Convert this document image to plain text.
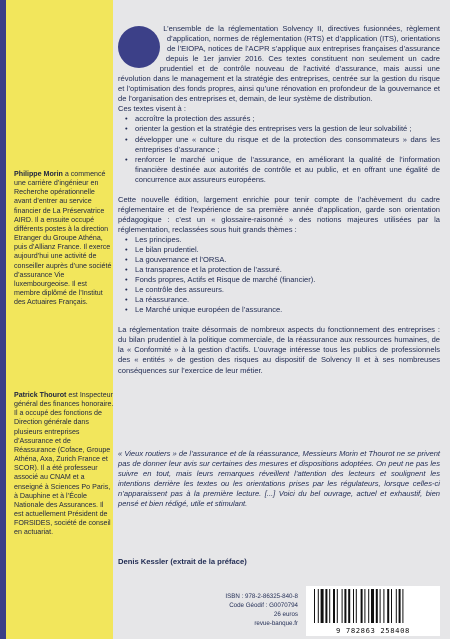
Philippe Morin a commencé une carrière d’ingénieur en Recherche opérationnelle avant d’entrer au service financier de La Préservatrice AIRD. Il a ensuite occupé différents postes à la direction Etranger du Groupe Athéna, puis d’Allianz France. Il exerce aujourd’hui une activité de conseiller auprès d’une société d’assurance Vie luxembourgeoise. Il est membre diplômé de l’Institut des Actuaires Français.
Patrick Thourot est Inspecteur général des finances honoraire. Il a occupé des fonctions de Direction générale dans plusieurs entreprises d’Assurance et de Réassurance (Coface, Groupe Athéna, Axa, Zurich France et SCOR). Il a été professeur associé au CNAM et a enseigné à Sciences Po Paris, à Dauphine et à l’École Nationale des Assurances. Il est actuellement Président de FORSIDES, société de conseil en actuariat.

L’ensemble de la réglementation Solvency II, directives fusionnées, règlement d’application, normes de réglementation (RTS) et d’application (ITS), orientations de l’EIOPA, notices de l’ACPR s’applique aux entreprises françaises d’assurance depuis le 1er janvier 2016. Ces textes constituent non seulement un cadre prudentiel et de contrôle nouveau de l’activité d’assurance, mais aussi une révolution dans le management et la stratégie des entreprises, centrée sur la gestion du risque et l’optimisation des fonds propres, ainsi qu’une rénovation en profondeur de la gouvernance et de l’organisation des entreprises et, demain, de leur système de distribution.

Ces textes visent à :

• accroître la protection des assurés ;
• orienter la gestion et la stratégie des entreprises vers la gestion de leur solvabilité ;
• développer une « culture du risque et de la protection des consommateurs » dans les entreprises d’assurance ;
• renforcer le marché unique de l’assurance, en améliorant la qualité de l’information financière destinée aux autorités de contrôle et au public, et en offrant une égalité de concurrence aux assureurs européens.

Cette nouvelle édition, largement enrichie pour tenir compte de l’achèvement du cadre réglementaire et de l’expérience de sa première année d’application, garde son orientation pédagogique : c’est un « glossaire-raisonné » des notions majeures utilisées par la réglementation, reclassées sous huit grands thèmes :

• Les principes.
• Le bilan prudentiel.
• La gouvernance et l’ORSA.
• La transparence et la protection de l’assuré.
• Fonds propres, Actifs et Risque de marché (financier).
• Le contrôle des assureurs.
• La réassurance.
• Le Marché unique européen de l’assurance.

La réglementation traite désormais de nombreux aspects du fonctionnement des entreprises : du bilan prudentiel à la politique commerciale, de la réassurance aux ressources humaines, de la « Conformité » à la gestion d’actifs. L’ouvrage intéresse tous les publics de professionnels des « entités » de gestion des risques au dispositif de Solvency II et à ses nombreuses conséquences sur l’exercice de leur métier.

« Vieux routiers » de l’assurance et de la réassurance, Messieurs Morin et Thourot ne se privent pas de donner leur avis sur certaines des mesures et dispositions adoptées. On peut ne pas les suivre en tout, mais leurs remarques réveillent l’attention des lecteurs et soulignent les intentions derrière les textes ou les orientations prises par les régulateurs, lorsque celles-ci n’apparaissent pas à la première lecture. [...] Voici du bel ouvrage, actuel et exhaustif, bien pensé et bien rédigé, utile et stimulant.
Denis Kessler (extrait de la préface)
ISBN : 978-2-86325-840-8
Code Géodif : G0070794
26 euros
revue-banque.fr
9 782863 258408
